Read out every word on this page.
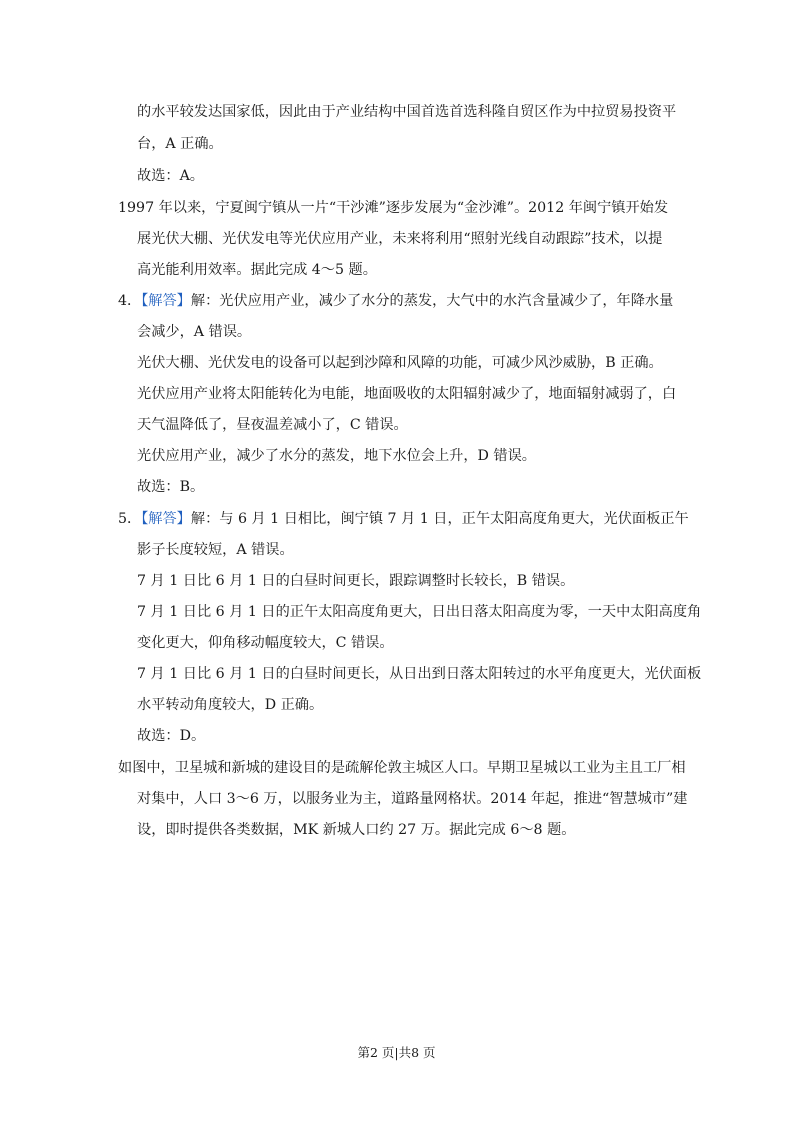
的水平较发达国家低，因此由于产业结构中国首选首选科隆自贸区作为中拉贸易投资平
台，A 正确。
故选：A。
1997 年以来，宁夏闽宁镇从一片“干沙滩”逐步发展为“金沙滩”。2012 年闽宁镇开始发
展光伏大棚、光伏发电等光伏应用产业，未来将利用“照射光线自动跟踪”技术，以提
高光能利用效率。据此完成 4～5 题。
4．【解答】解：光伏应用产业，减少了水分的蒸发，大气中的水汽含量减少了，年降水量
会减少，A 错误。
光伏大棚、光伏发电的设备可以起到沙障和风障的功能，可减少风沙威胁，B 正确。
光伏应用产业将太阳能转化为电能，地面吸收的太阳辐射减少了，地面辐射减弱了，白
天气温降低了，昼夜温差减小了，C 错误。
光伏应用产业，减少了水分的蒸发，地下水位会上升，D 错误。
故选：B。
5．【解答】解：与 6 月 1 日相比，闽宁镇 7 月 1 日，正午太阳高度角更大，光伏面板正午
影子长度较短，A 错误。
7 月 1 日比 6 月 1 日的白昼时间更长，跟踪调整时长较长，B 错误。
7 月 1 日比 6 月 1 日的正午太阳高度角更大，日出日落太阳高度为零，一天中太阳高度角
变化更大，仰角移动幅度较大，C 错误。
7 月 1 日比 6 月 1 日的白昼时间更长，从日出到日落太阳转过的水平角度更大，光伏面板
水平转动角度较大，D 正确。
故选：D。
如图中，卫星城和新城的建设目的是疏解伦敦主城区人口。早期卫星城以工业为主且工厂相
对集中，人口 3～6 万，以服务业为主，道路量网格状。2014 年起，推进“智慧城市”建
设，即时提供各类数据，MK 新城人口约 27 万。据此完成 6～8 题。
第2 页|共8 页
